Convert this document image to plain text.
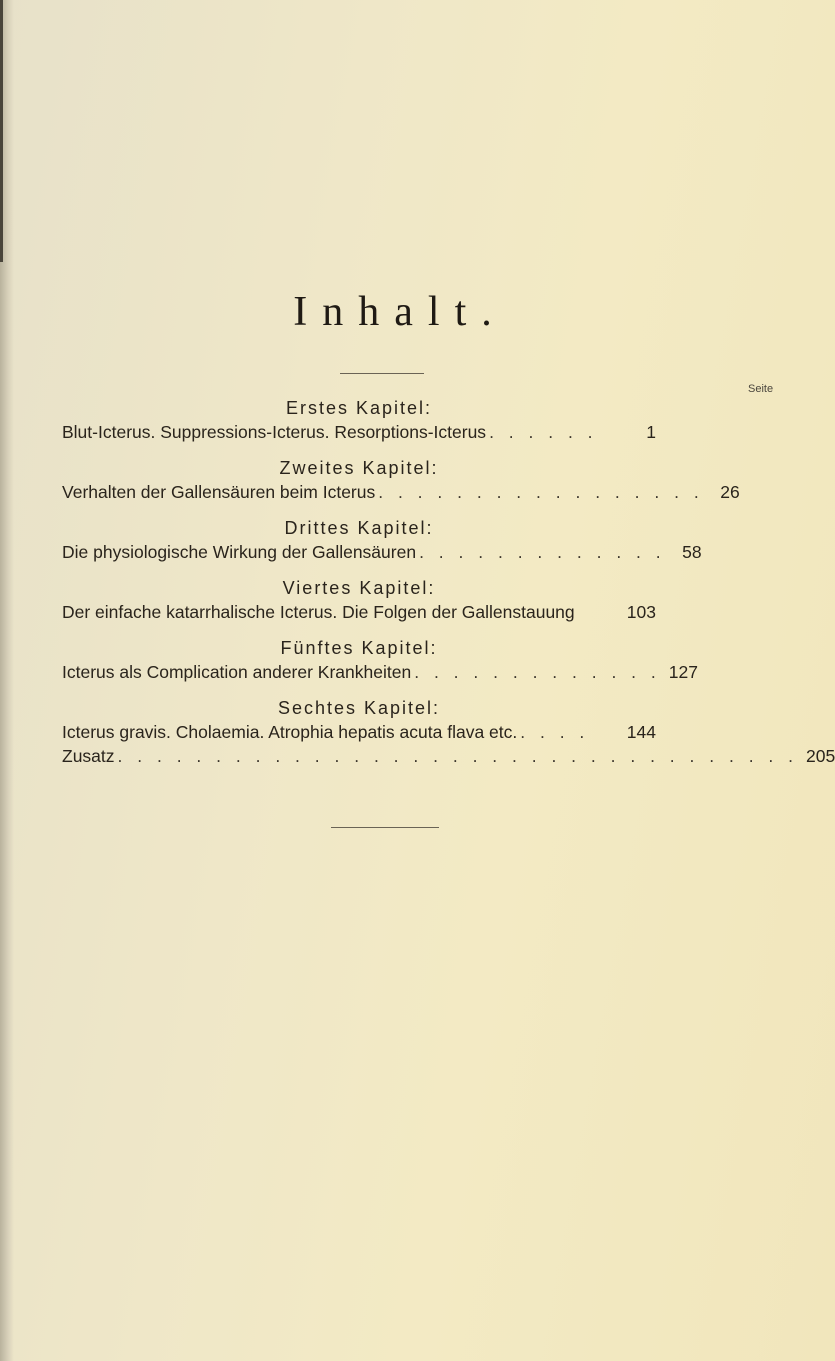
Inhalt.
Seite
Erstes Kapitel:
Blut-Icterus. Suppressions-Icterus. Resorptions-Icterus . . . . . .	1
Zweites Kapitel:
Verhalten der Gallensäuren beim Icterus . . . . . . . . . . . . . . . . . 26
Drittes Kapitel:
Die physiologische Wirkung der Gallensäuren . . . . . . . . . . . . . 58
Viertes Kapitel:
Der einfache katarrhalische Icterus. Die Folgen der Gallenstauung	103
Fünftes Kapitel:
Icterus als Complication anderer Krankheiten . . . . . . . . . . . . . 127
Sechtes Kapitel:
Icterus gravis. Cholaemia. Atrophia hepatis acuta flava etc. . . . .	144
Zusatz . . . . . . . . . . . . . . . . . . . . . . . . . . . . . . . . . . . 205
